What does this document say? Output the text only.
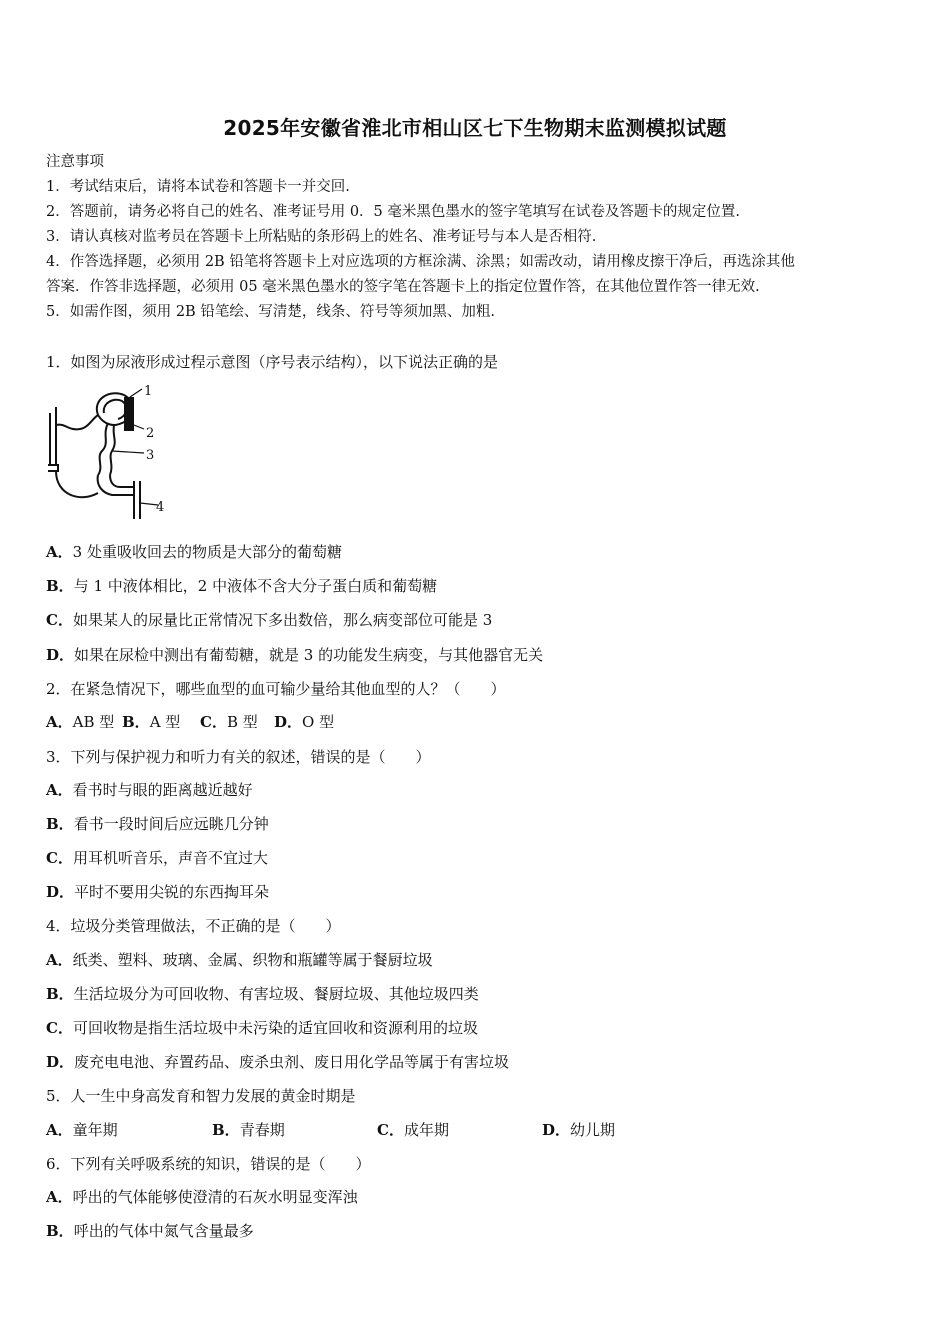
2025年安徽省淮北市相山区七下生物期末监测模拟试题
注意事项
1．考试结束后，请将本试卷和答题卡一并交回.
2．答题前，请务必将自己的姓名、准考证号用 0．5 毫米黑色墨水的签字笔填写在试卷及答题卡的规定位置.
3．请认真核对监考员在答题卡上所粘贴的条形码上的姓名、准考证号与本人是否相符.
4．作答选择题，必须用 2B 铅笔将答题卡上对应选项的方框涂满、涂黑；如需改动，请用橡皮擦干净后，再选涂其他
答案．作答非选择题，必须用 05 毫米黑色墨水的签字笔在答题卡上的指定位置作答，在其他位置作答一律无效.
5．如需作图，须用 2B 铅笔绘、写清楚，线条、符号等须加黑、加粗.
1．如图为尿液形成过程示意图（序号表示结构），以下说法正确的是
1
2
3
4
A．3 处重吸收回去的物质是大部分的葡萄糖
B．与 1 中液体相比，2 中液体不含大分子蛋白质和葡萄糖
C．如果某人的尿量比正常情况下多出数倍，那么病变部位可能是 3
D．如果在尿检中测出有葡萄糖，就是 3 的功能发生病变，与其他器官无关
2．在紧急情况下，哪些血型的血可输少量给其他血型的人？（　　）
A．AB 型 B．A 型 C．B 型 D．O 型
3．下列与保护视力和听力有关的叙述，错误的是（　　）
A．看书时与眼的距离越近越好
B．看书一段时间后应远眺几分钟
C．用耳机听音乐，声音不宜过大
D．平时不要用尖锐的东西掏耳朵
4．垃圾分类管理做法，不正确的是（　　）
A．纸类、塑料、玻璃、金属、织物和瓶罐等属于餐厨垃圾
B．生活垃圾分为可回收物、有害垃圾、餐厨垃圾、其他垃圾四类
C．可回收物是指生活垃圾中未污染的适宜回收和资源利用的垃圾
D．废充电电池、弃置药品、废杀虫剂、废日用化学品等属于有害垃圾
5．人一生中身高发育和智力发展的黄金时期是
A．童年期	B．青春期	C．成年期	D．幼儿期
6．下列有关呼吸系统的知识，错误的是（　　）
A．呼出的气体能够使澄清的石灰水明显变浑浊
B．呼出的气体中氮气含量最多
